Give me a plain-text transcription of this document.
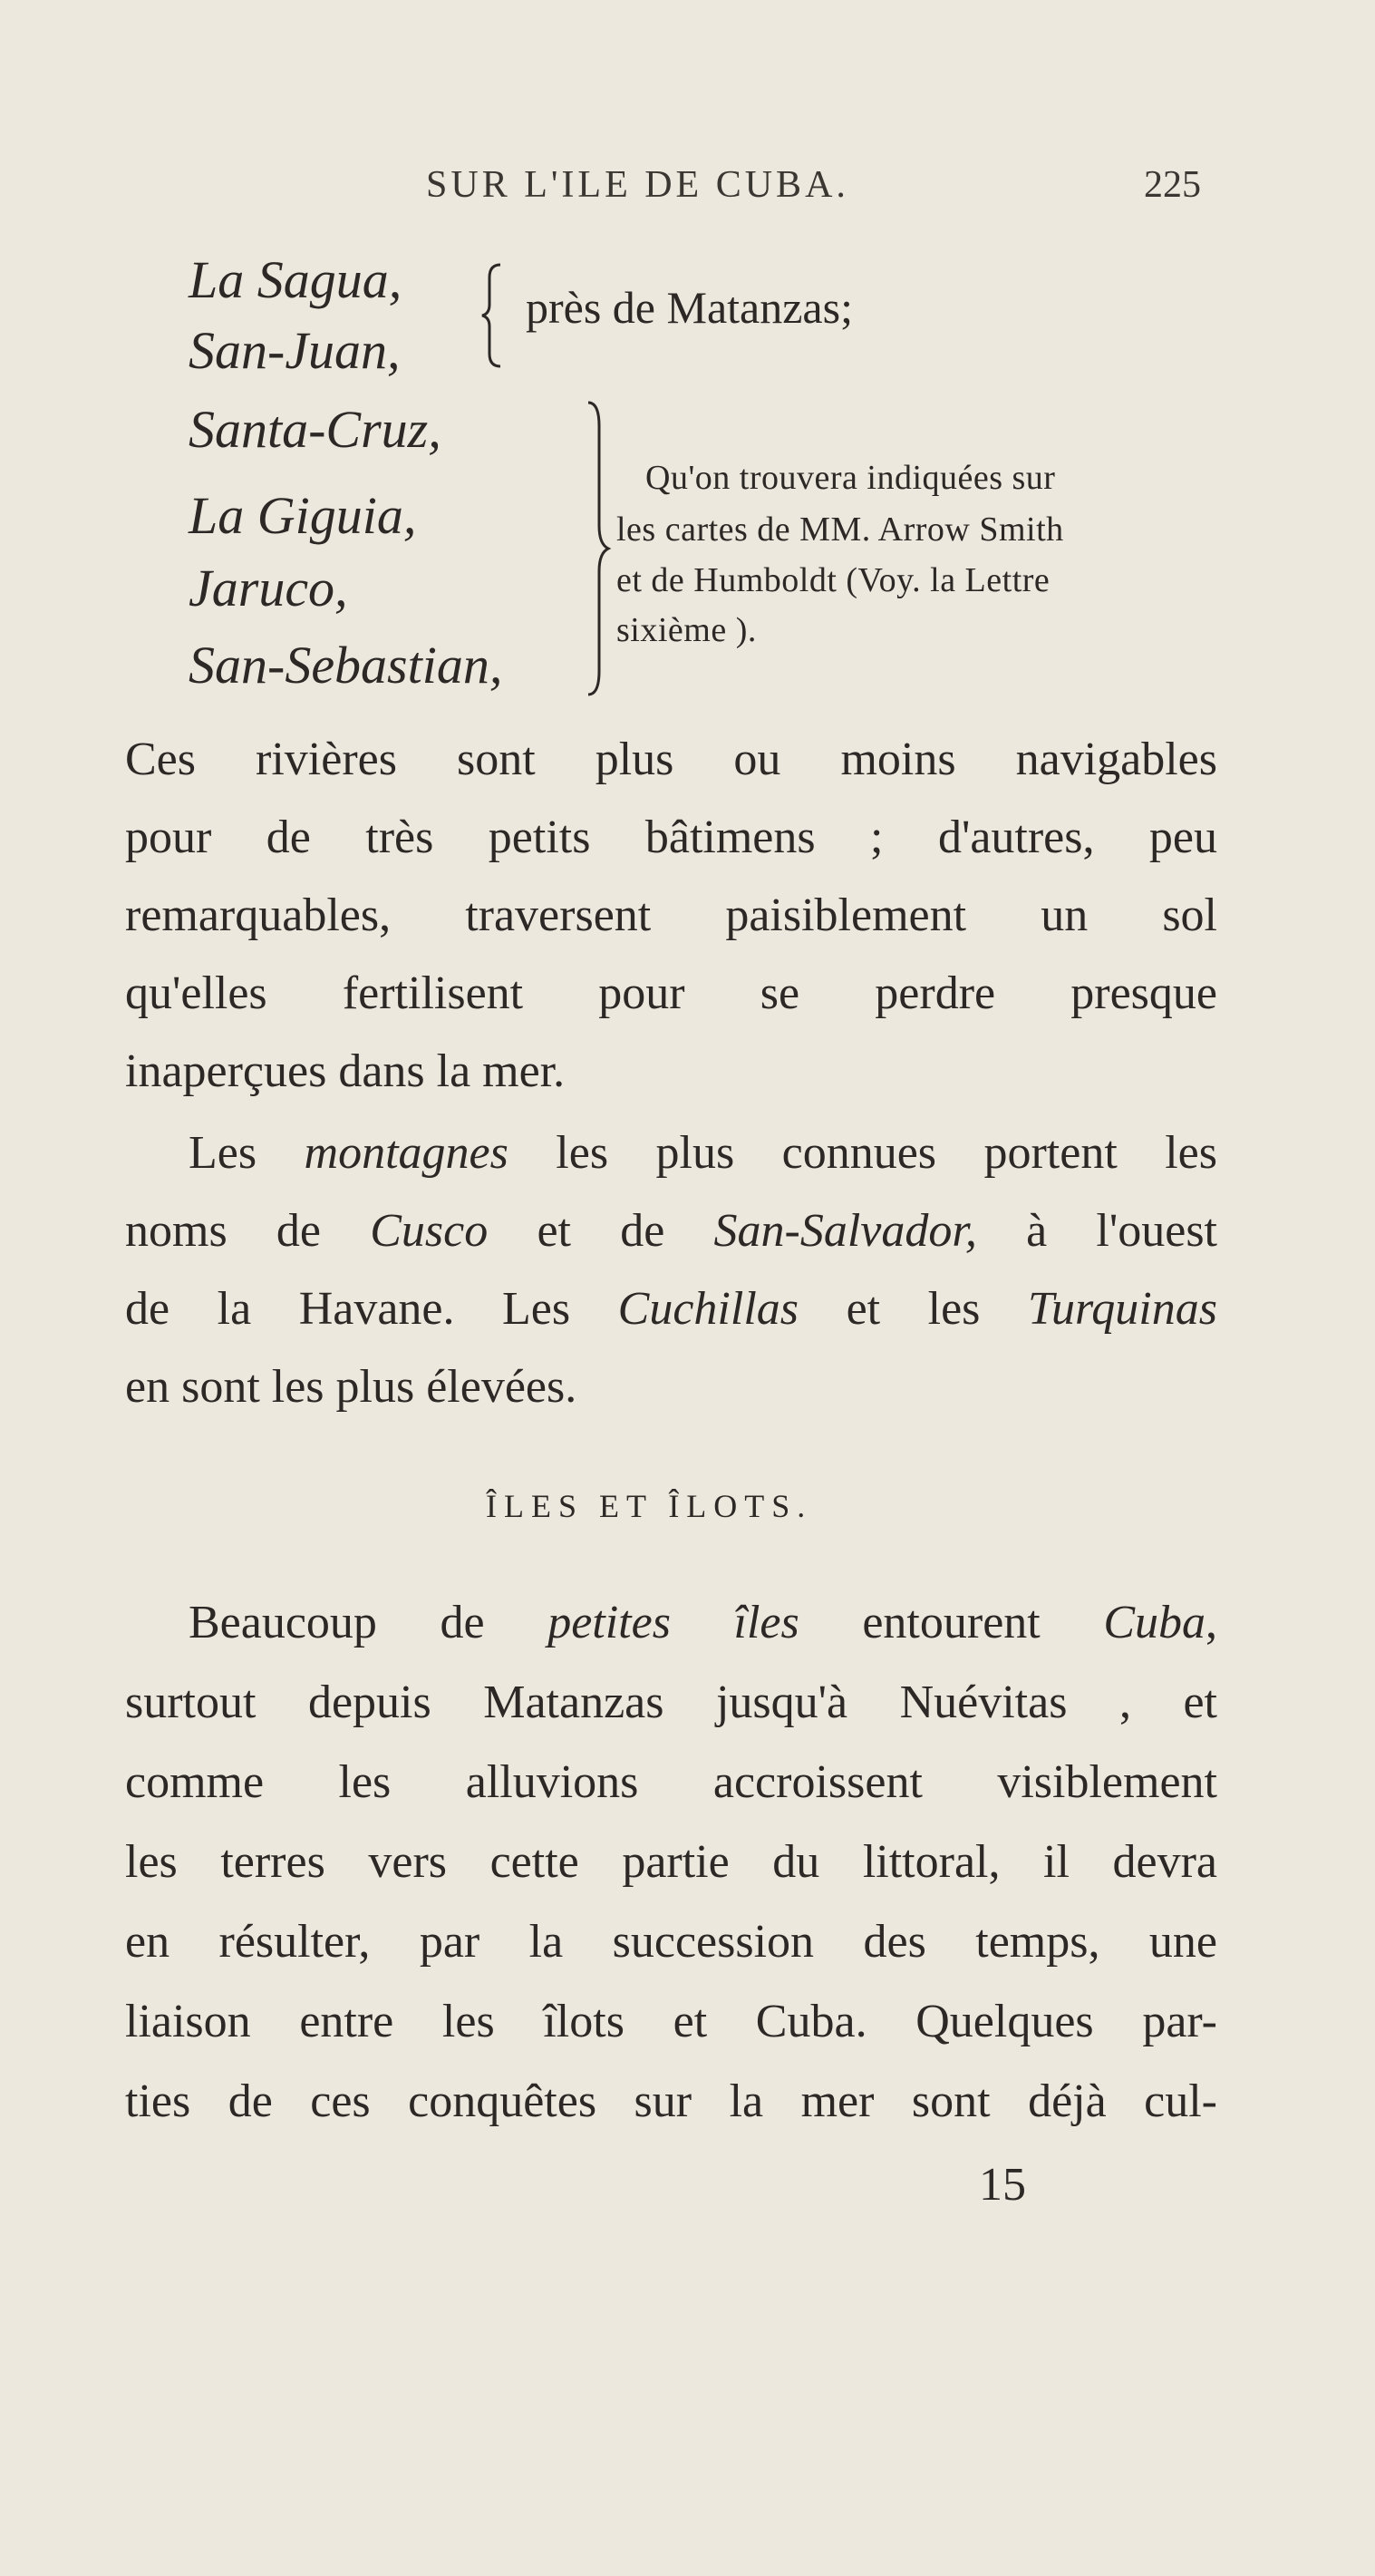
SUR L'ILE DE CUBA.	225
La Sagua,
San-Juan,
près de Matanzas;
Santa-Cruz,
La Giguia,
Jaruco,
San-Sebastian,
Qu'on trouvera indiquées sur
les cartes de MM. Arrow Smith
et de Humboldt (Voy. la Lettre
sixième ).
Ces rivières sont plus ou moins navigables
pour de très petits bâtimens ; d'autres, peu
remarquables, traversent paisiblement un sol
qu'elles fertilisent pour se perdre presque
inaperçues dans la mer.
Les montagnes les plus connues portent les
noms de Cusco et de San-Salvador, à l'ouest
de la Havane. Les Cuchillas et les Turquinas
en sont les plus élevées.
ÎLES ET ÎLOTS.
Beaucoup de petites îles entourent Cuba,
surtout depuis Matanzas jusqu'à Nuévitas , et
comme les alluvions accroissent visiblement
les terres vers cette partie du littoral, il devra
en résulter, par la succession des temps, une
liaison entre les îlots et Cuba. Quelques par-
ties de ces conquêtes sur la mer sont déjà cul-
15
